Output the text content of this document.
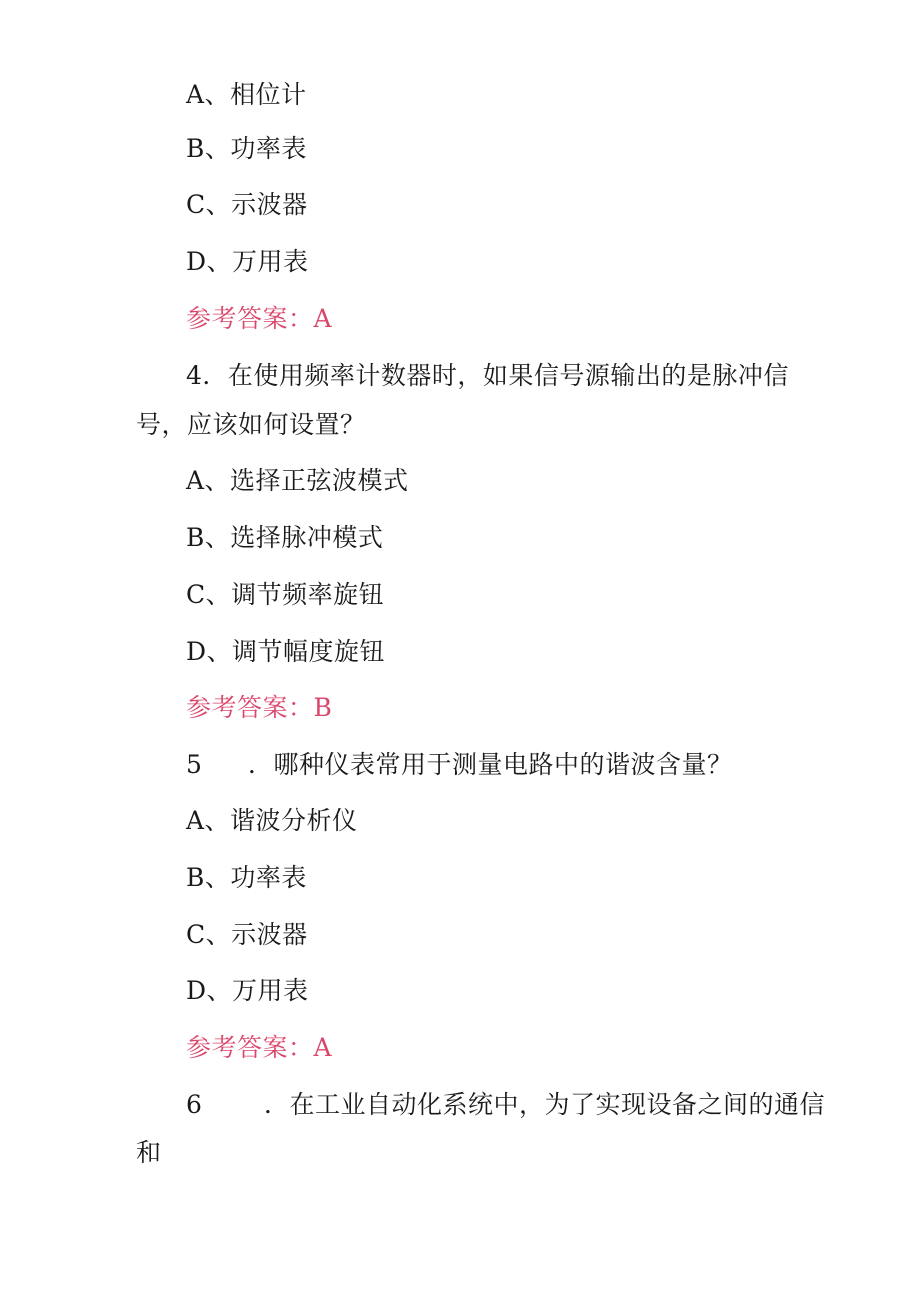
A、相位计
B、功率表
C、示波器
D、万用表
参考答案：A
4．在使用频率计数器时，如果信号源输出的是脉冲信
号，应该如何设置？
A、选择正弦波模式
B、选择脉冲模式
C、调节频率旋钮
D、调节幅度旋钮
参考答案：B
5 ．哪种仪表常用于测量电路中的谐波含量？
A、谐波分析仪
B、功率表
C、示波器
D、万用表
参考答案：A
6 ．在工业自动化系统中，为了实现设备之间的通信
和
